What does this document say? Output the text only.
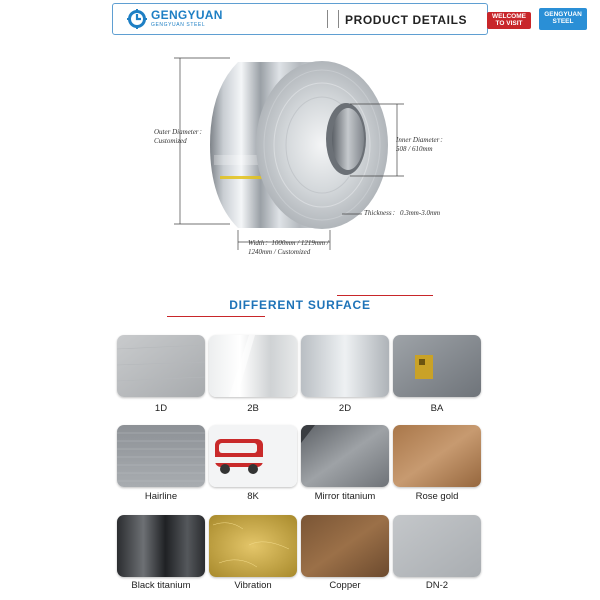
GENGYUAN
GENGYUAN STEEL	PRODUCT DETAILS	WELCOME TO VISIT
GENGYUAN STEEL
Outer Diameter：
Customized	Inner Diameter：
508 / 610mm
Thickness： 0.3mm-3.0mm
Width：1000mm / 1219mm /
1240mm / Customized
DIFFERENT SURFACE
1D	2B	2D	BA
Hairline	8K	Mirror titanium	Rose gold
Black titanium	Vibration	Copper	DN-2
